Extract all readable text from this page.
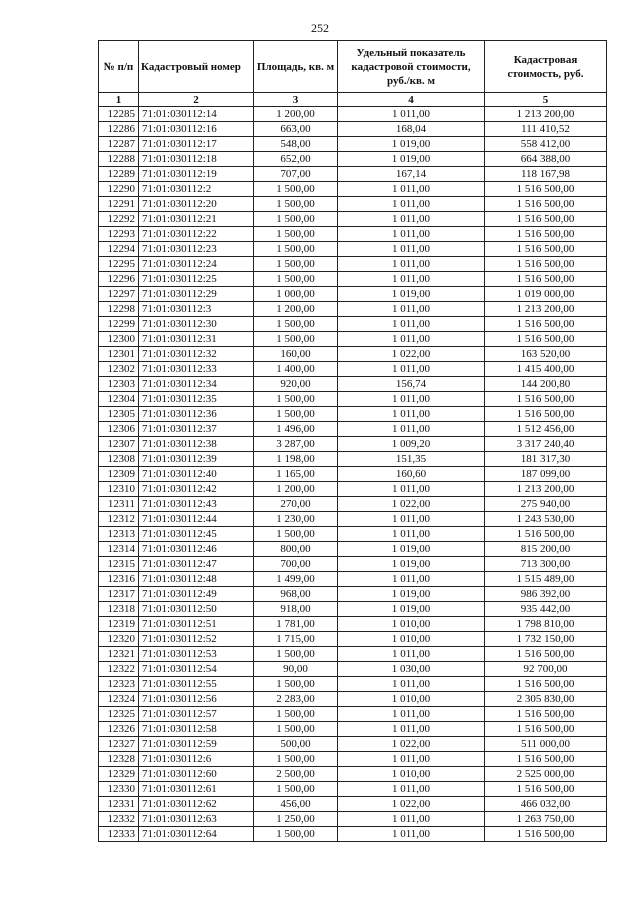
252
№ п/п	Кадастровый номер	Площадь, кв. м	Удельный показатель кадастровой стоимости, руб./кв. м	Кадастровая стоимость, руб.
1	2	3	4	5
12285	71:01:030112:14	1 200,00	1 011,00	1 213 200,00
12286	71:01:030112:16	663,00	168,04	111 410,52
12287	71:01:030112:17	548,00	1 019,00	558 412,00
12288	71:01:030112:18	652,00	1 019,00	664 388,00
12289	71:01:030112:19	707,00	167,14	118 167,98
12290	71:01:030112:2	1 500,00	1 011,00	1 516 500,00
12291	71:01:030112:20	1 500,00	1 011,00	1 516 500,00
12292	71:01:030112:21	1 500,00	1 011,00	1 516 500,00
12293	71:01:030112:22	1 500,00	1 011,00	1 516 500,00
12294	71:01:030112:23	1 500,00	1 011,00	1 516 500,00
12295	71:01:030112:24	1 500,00	1 011,00	1 516 500,00
12296	71:01:030112:25	1 500,00	1 011,00	1 516 500,00
12297	71:01:030112:29	1 000,00	1 019,00	1 019 000,00
12298	71:01:030112:3	1 200,00	1 011,00	1 213 200,00
12299	71:01:030112:30	1 500,00	1 011,00	1 516 500,00
12300	71:01:030112:31	1 500,00	1 011,00	1 516 500,00
12301	71:01:030112:32	160,00	1 022,00	163 520,00
12302	71:01:030112:33	1 400,00	1 011,00	1 415 400,00
12303	71:01:030112:34	920,00	156,74	144 200,80
12304	71:01:030112:35	1 500,00	1 011,00	1 516 500,00
12305	71:01:030112:36	1 500,00	1 011,00	1 516 500,00
12306	71:01:030112:37	1 496,00	1 011,00	1 512 456,00
12307	71:01:030112:38	3 287,00	1 009,20	3 317 240,40
12308	71:01:030112:39	1 198,00	151,35	181 317,30
12309	71:01:030112:40	1 165,00	160,60	187 099,00
12310	71:01:030112:42	1 200,00	1 011,00	1 213 200,00
12311	71:01:030112:43	270,00	1 022,00	275 940,00
12312	71:01:030112:44	1 230,00	1 011,00	1 243 530,00
12313	71:01:030112:45	1 500,00	1 011,00	1 516 500,00
12314	71:01:030112:46	800,00	1 019,00	815 200,00
12315	71:01:030112:47	700,00	1 019,00	713 300,00
12316	71:01:030112:48	1 499,00	1 011,00	1 515 489,00
12317	71:01:030112:49	968,00	1 019,00	986 392,00
12318	71:01:030112:50	918,00	1 019,00	935 442,00
12319	71:01:030112:51	1 781,00	1 010,00	1 798 810,00
12320	71:01:030112:52	1 715,00	1 010,00	1 732 150,00
12321	71:01:030112:53	1 500,00	1 011,00	1 516 500,00
12322	71:01:030112:54	90,00	1 030,00	92 700,00
12323	71:01:030112:55	1 500,00	1 011,00	1 516 500,00
12324	71:01:030112:56	2 283,00	1 010,00	2 305 830,00
12325	71:01:030112:57	1 500,00	1 011,00	1 516 500,00
12326	71:01:030112:58	1 500,00	1 011,00	1 516 500,00
12327	71:01:030112:59	500,00	1 022,00	511 000,00
12328	71:01:030112:6	1 500,00	1 011,00	1 516 500,00
12329	71:01:030112:60	2 500,00	1 010,00	2 525 000,00
12330	71:01:030112:61	1 500,00	1 011,00	1 516 500,00
12331	71:01:030112:62	456,00	1 022,00	466 032,00
12332	71:01:030112:63	1 250,00	1 011,00	1 263 750,00
12333	71:01:030112:64	1 500,00	1 011,00	1 516 500,00
